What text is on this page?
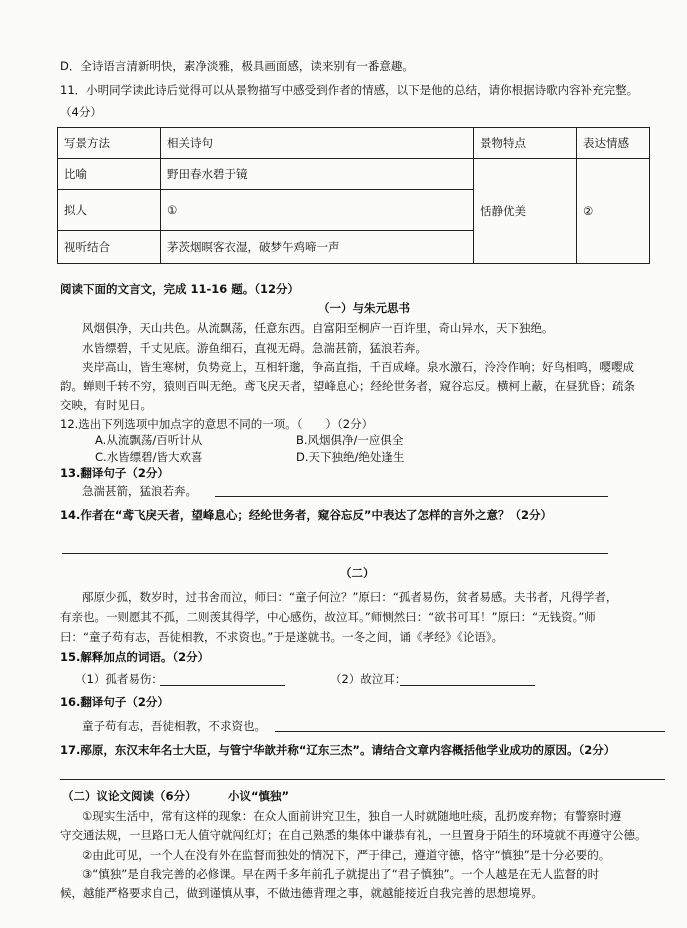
D．全诗语言清新明快，素净淡雅，极具画面感，读来别有一番意趣。
11．小明同学读此诗后觉得可以从景物描写中感受到作者的情感，以下是他的总结，请你根据诗歌内容补充完整。
（4分）
写景方法	相关诗句	景物特点	表达情感
比喻	野田春水碧于镜	恬静优美	②
拟人	①		
视听结合	茅茨烟暝客衣湿，破梦午鸡啼一声		
阅读下面的文言文，完成 11-16 题。（12分）
（一）与朱元思书
风烟俱净，天山共色。从流飘荡，任意东西。自富阳至桐庐一百许里，奇山异水，天下独绝。
水皆缥碧，千丈见底。游鱼细石，直视无碍。急湍甚箭，猛浪若奔。
夹岸高山，皆生寒树，负势竞上，互相轩邈，争高直指，千百成峰。泉水激石，泠泠作响；好鸟相鸣，嘤嘤成
韵。蝉则千转不穷，猿则百叫无绝。鸢飞戾天者，望峰息心；经纶世务者，窥谷忘反。横柯上蔽，在昼犹昏；疏条
交映，有时见日。
12.选出下列选项中加点字的意思不同的一项。（　　）（2分）
A.从流飘荡/百听计从	B.风烟俱净/一应俱全
C.水皆缥碧/皆大欢喜	D.天下独绝/绝处逢生
13.翻译句子（2分）
急湍甚箭，猛浪若奔。
14.作者在“鸢飞戾天者，望峰息心；经纶世务者，窥谷忘反”中表达了怎样的言外之意？（2分）
（二）
邴原少孤，数岁时，过书舍而泣，师曰：“童子何泣？”原曰：“孤者易伤，贫者易感。夫书者，凡得学者，
有亲也。一则愿其不孤，二则羡其得学，中心感伤，故泣耳。”师恻然曰：“欲书可耳！”原曰：“无钱资。”师
曰：“童子苟有志，吾徒相教，不求资也。”于是遂就书。一冬之间，诵《孝经》《论语》。
15.解释加点的词语。（2分）
（1）孤者易伤：	（2）故泣耳：
16.翻译句子（2分）
童子苟有志，吾徒相教，不求资也。
17.邴原，东汉末年名士大臣，与管宁华歆并称“辽东三杰”。请结合文章内容概括他学业成功的原因。（2分）
（二）议论文阅读（6分）	小议“慎独”
①现实生活中，常有这样的现象：在众人面前讲究卫生，独自一人时就随地吐痰，乱扔废弃物；有警察时遵
守交通法规，一旦路口无人值守就闯红灯；在自己熟悉的集体中谦恭有礼，一旦置身于陌生的环境就不再遵守公德。
②由此可见，一个人在没有外在监督而独处的情况下，严于律己，遵道守德，恪守“慎独”是十分必要的。
③“慎独”是自我完善的必修课。早在两千多年前孔子就提出了“君子慎独”。一个人越是在无人监督的时
候，越能严格要求自己，做到谨慎从事，不做违德背理之事，就越能接近自我完善的思想境界。
